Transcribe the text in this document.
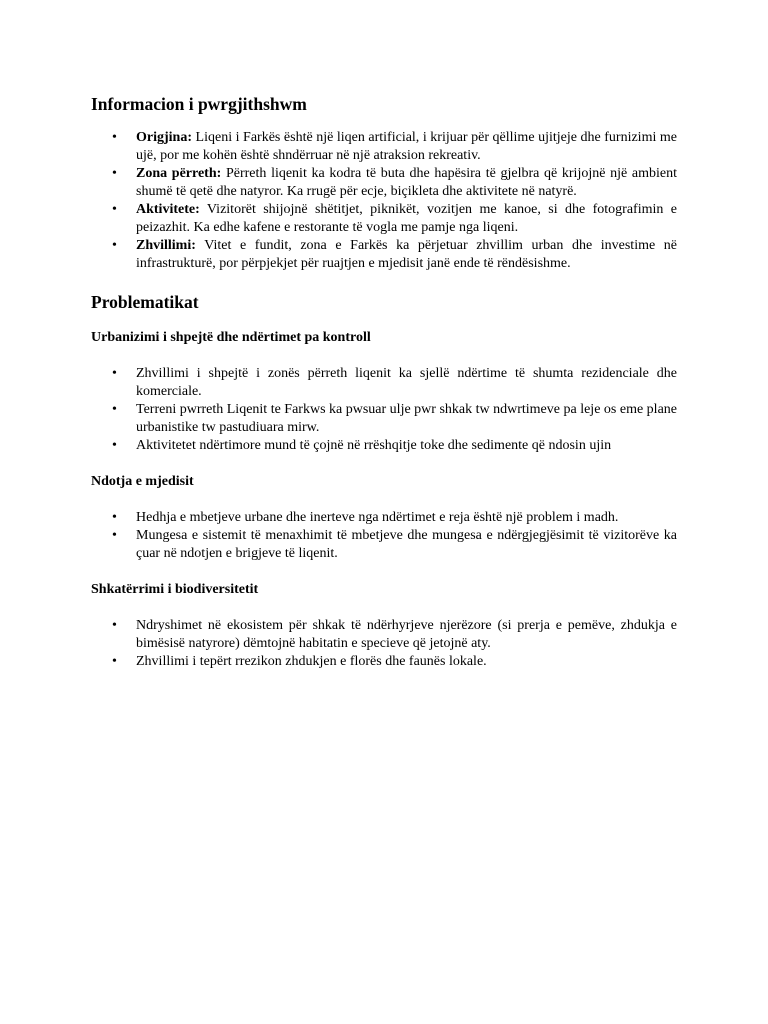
Informacion i pwrgjithshwm
• Origjina: Liqeni i Farkës është një liqen artificial, i krijuar për qëllime ujitjeje dhe furnizimi me ujë, por me kohën është shndërruar në një atraksion rekreativ.
• Zona përreth: Përreth liqenit ka kodra të buta dhe hapësira të gjelbra që krijojnë një ambient shumë të qetë dhe natyror. Ka rrugë për ecje, biçikleta dhe aktivitete në natyrë.
• Aktivitete: Vizitorët shijojnë shëtitjet, piknikët, vozitjen me kanoe, si dhe fotografimin e peizazhit. Ka edhe kafene e restorante të vogla me pamje nga liqeni.
• Zhvillimi: Vitet e fundit, zona e Farkës ka përjetuar zhvillim urban dhe investime në infrastrukturë, por përpjekjet për ruajtjen e mjedisit janë ende të rëndësishme.
Problematikat
Urbanizimi i shpejtë dhe ndërtimet pa kontroll
• Zhvillimi i shpejtë i zonës përreth liqenit ka sjellë ndërtime të shumta rezidenciale dhe komerciale.
• Terreni pwrreth Liqenit te Farkws ka pwsuar ulje pwr shkak tw ndwrtimeve pa leje os eme plane urbanistike tw pastudiuara mirw.
• Aktivitetet ndërtimore mund të çojnë në rrëshqitje toke dhe sedimente që ndosin ujin
Ndotja e mjedisit
• Hedhja e mbetjeve urbane dhe inerteve nga ndërtimet e reja është një problem i madh.
• Mungesa e sistemit të menaxhimit të mbetjeve dhe mungesa e ndërgjegjësimit të vizitorëve ka çuar në ndotjen e brigjeve të liqenit.
Shkatërrimi i biodiversitetit
• Ndryshimet në ekosistem për shkak të ndërhyrjeve njerëzore (si prerja e pemëve, zhdukja e bimësisë natyrore) dëmtojnë habitatin e specieve që jetojnë aty.
• Zhvillimi i tepërt rrezikon zhdukjen e florës dhe faunës lokale.
